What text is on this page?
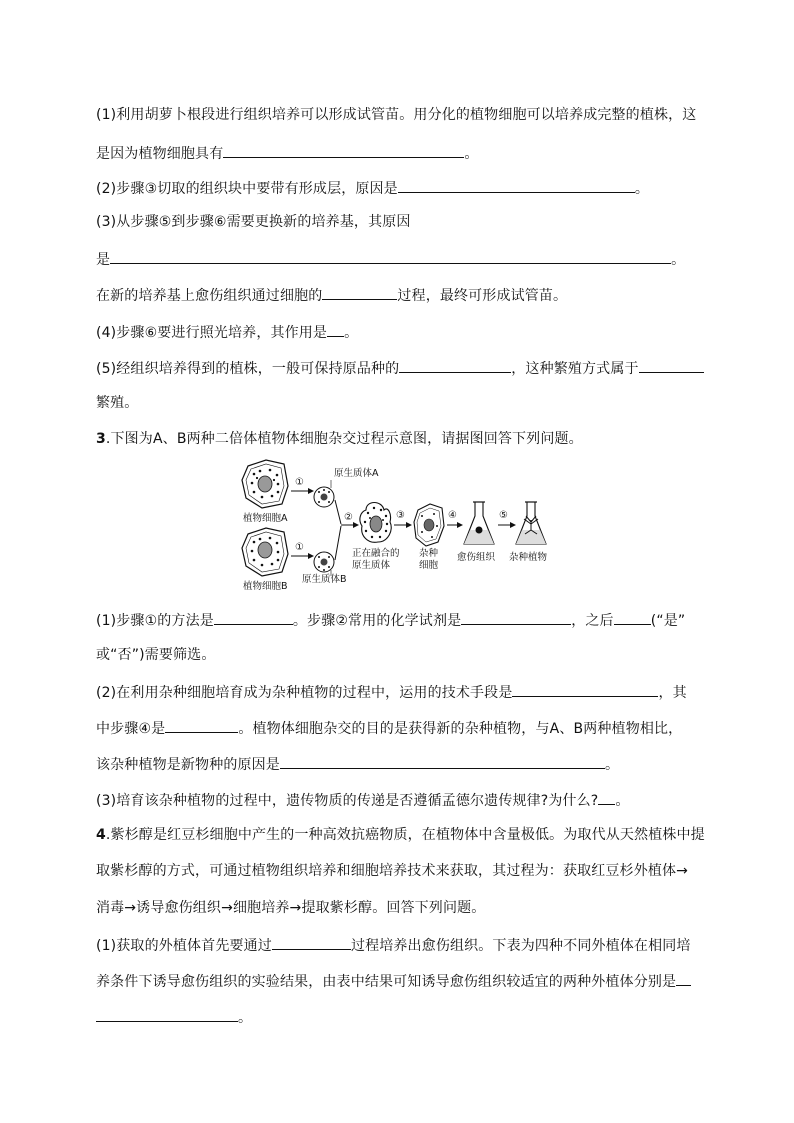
(1)利用胡萝卜根段进行组织培养可以形成试管苗。用分化的植物细胞可以培养成完整的植株，这
是因为植物细胞具有	。
(2)步骤③切取的组织块中要带有形成层，原因是	。
(3)从步骤⑤到步骤⑥需要更换新的培养基，其原因
是	。
在新的培养基上愈伤组织通过细胞的	过程，最终可形成试管苗。
(4)步骤⑥要进行照光培养，其作用是 。
(5)经组织培养得到的植株，一般可保持原品种的	，这种繁殖方式属于
繁殖。
3.下图为A、B两种二倍体植物体细胞杂交过程示意图，请据图回答下列问题。
植物细胞A
植物细胞B
①
①
原生质体A
原生质体B
②
正在融合的
原生质体
③
杂种
细胞
④
愈伤组织
⑤
杂种植物
(1)步骤①的方法是	。步骤②常用的化学试剂是	，之后	(“是”
或“否”)需要筛选。
(2)在利用杂种细胞培育成为杂种植物的过程中，运用的技术手段是	，其
中步骤④是	。植物体细胞杂交的目的是获得新的杂种植物，与A、B两种植物相比，
该杂种植物是新物种的原因是	。
(3)培育该杂种植物的过程中，遗传物质的传递是否遵循孟德尔遗传规律?为什么? 。
4.紫杉醇是红豆杉细胞中产生的一种高效抗癌物质，在植物体中含量极低。为取代从天然植株中提
取紫杉醇的方式，可通过植物组织培养和细胞培养技术来获取，其过程为：获取红豆杉外植体→
消毒→诱导愈伤组织→细胞培养→提取紫杉醇。回答下列问题。
(1)获取的外植体首先要通过	过程培养出愈伤组织。下表为四种不同外植体在相同培
养条件下诱导愈伤组织的实验结果，由表中结果可知诱导愈伤组织较适宜的两种外植体分别是
。
